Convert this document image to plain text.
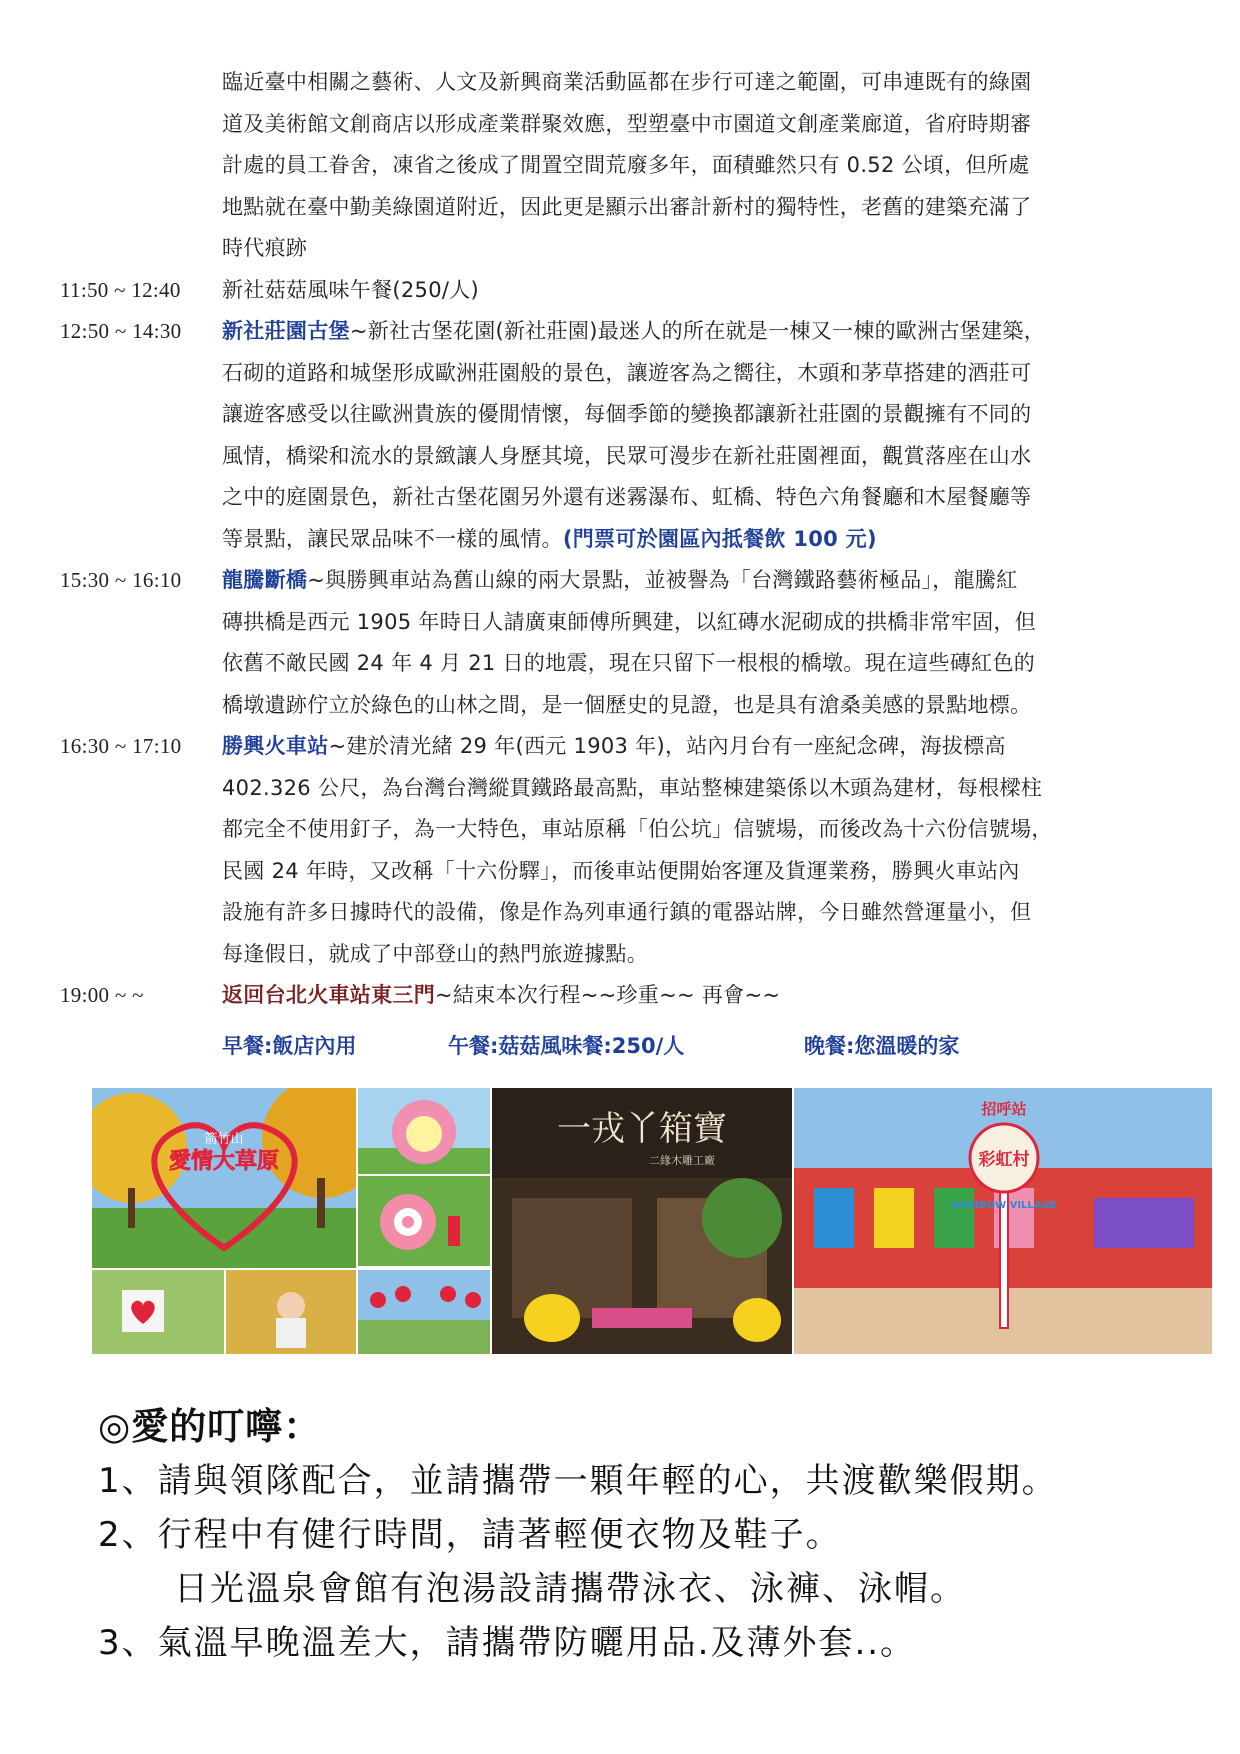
臨近臺中相關之藝術、人文及新興商業活動區都在步行可達之範圍，可串連既有的綠園
道及美術館文創商店以形成產業群聚效應，型塑臺中市園道文創產業廊道，省府時期審
計處的員工眷舍，凍省之後成了閒置空間荒廢多年，面積雖然只有 0.52 公頃，但所處
地點就在臺中勤美綠園道附近，因此更是顯示出審計新村的獨特性，老舊的建築充滿了
時代痕跡
11:50 ~ 12:40	新社菇菇風味午餐(250/人)
12:50 ~ 14:30	新社莊園古堡~新社古堡花園(新社莊園)最迷人的所在就是一棟又一棟的歐洲古堡建築，
石砌的道路和城堡形成歐洲莊園般的景色，讓遊客為之嚮往，木頭和茅草搭建的酒莊可
讓遊客感受以往歐洲貴族的優閒情懷，每個季節的變換都讓新社莊園的景觀擁有不同的
風情，橋梁和流水的景緻讓人身歷其境，民眾可漫步在新社莊園裡面，觀賞落座在山水
之中的庭園景色，新社古堡花園另外還有迷霧瀑布、虹橋、特色六角餐廳和木屋餐廳等
等景點，讓民眾品味不一樣的風情。(門票可於園區內抵餐飲 100 元)
15:30 ~ 16:10	龍騰斷橋~與勝興車站為舊山線的兩大景點，並被譽為「台灣鐵路藝術極品」，龍騰紅
磚拱橋是西元 1905 年時日人請廣東師傅所興建，以紅磚水泥砌成的拱橋非常牢固，但
依舊不敵民國 24 年 4 月 21 日的地震，現在只留下一根根的橋墩。現在這些磚紅色的
橋墩遺跡佇立於綠色的山林之間，是一個歷史的見證，也是具有滄桑美感的景點地標。
16:30 ~ 17:10	勝興火車站~建於清光緒 29 年(西元 1903 年)，站內月台有一座紀念碑，海拔標高
402.326 公尺，為台灣台灣縱貫鐵路最高點，車站整棟建築係以木頭為建材，每根樑柱
都完全不使用釘子，為一大特色，車站原稱「伯公坑」信號場，而後改為十六份信號場，
民國 24 年時，又改稱「十六份驛」，而後車站便開始客運及貨運業務，勝興火車站內
設施有許多日據時代的設備，像是作為列車通行鎮的電器站牌，今日雖然營運量小，但
每逢假日，就成了中部登山的熱門旅遊據點。
19:00 ~ ~	返回台北火車站東三門~結束本次行程~~珍重~~ 再會~~
早餐:飯店內用	午餐:菇菇風味餐:250/人	晚餐:您溫暖的家
箭竹山
愛情大草原
一戎丫箱寶
二緣木雕工廠	彩虹村
招呼站
RAINBOW VILLAGE
◎愛的叮嚀：
1、請與領隊配合，並請攜帶一顆年輕的心，共渡歡樂假期。
2、行程中有健行時間，請著輕便衣物及鞋子。
日光溫泉會館有泡湯設請攜帶泳衣、泳褲、泳帽。
3、氣溫早晚溫差大，請攜帶防曬用品.及薄外套..。
